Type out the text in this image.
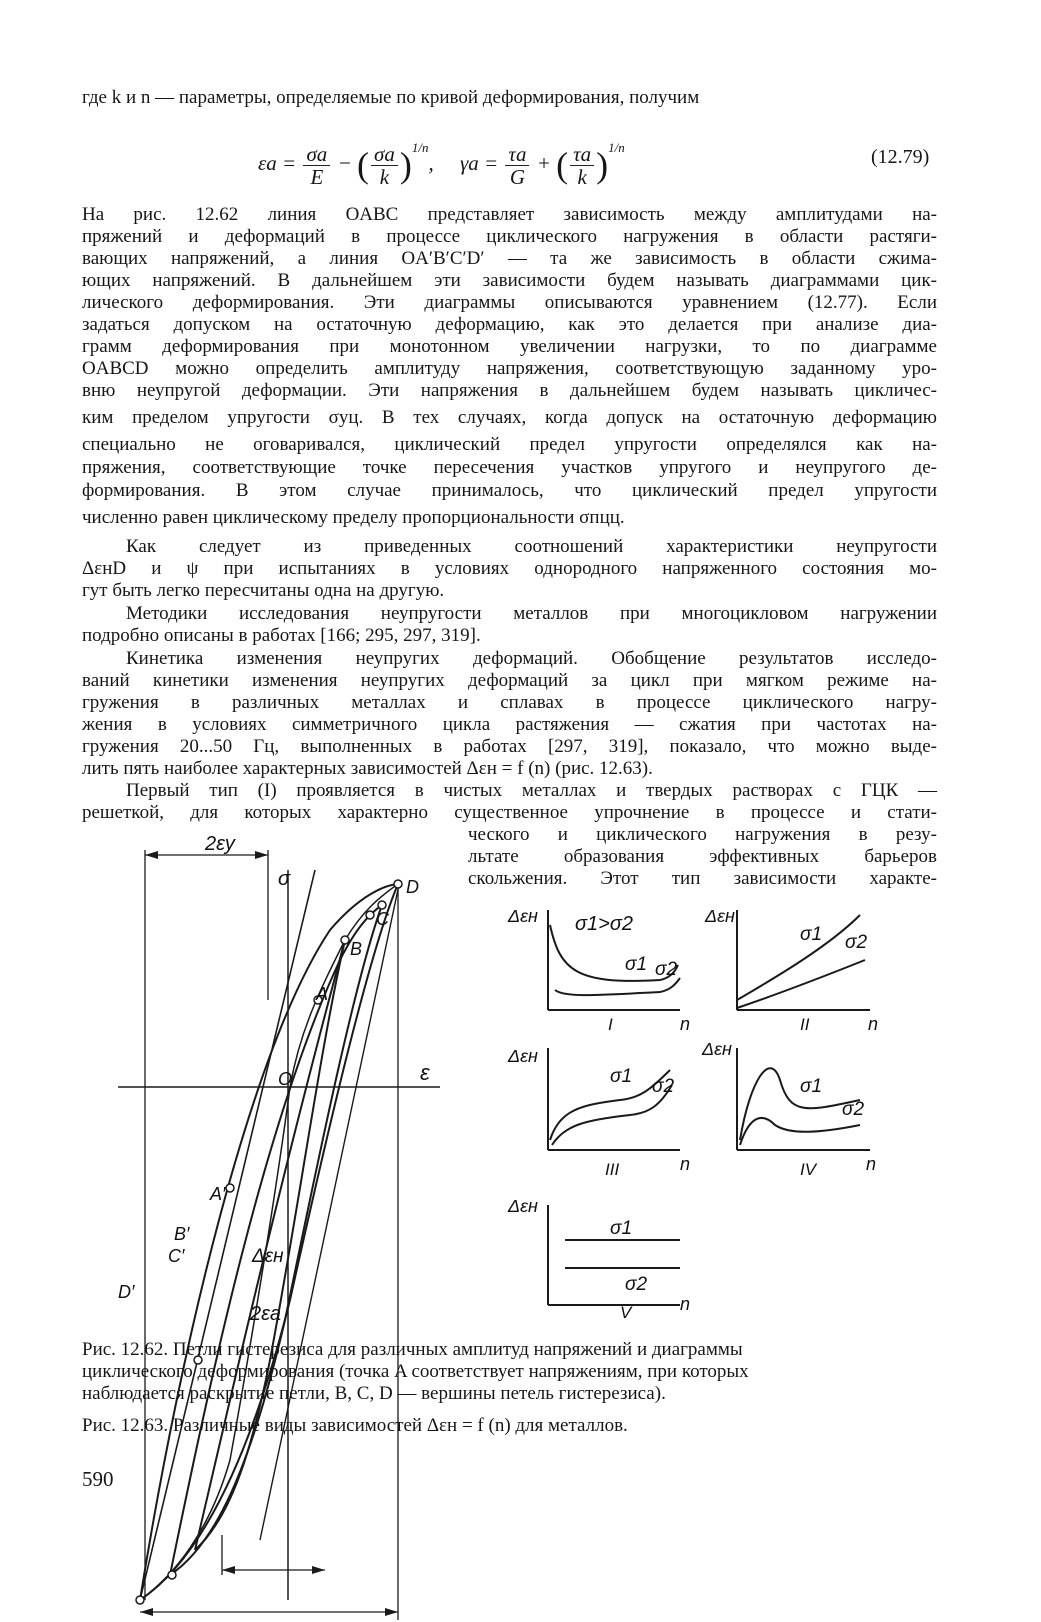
где k и n — параметры, определяемые по кривой деформирования, получим
$\varepsilon a = \frac{\sigma a}{E}$ − ( $\frac{\sigma a}{k} )^{1/n}$, $\gamma a = \frac{\tau a}{G}$ + ( $\frac{\tau a}{k} )^{1/n}$	(12.79)
На рис. 12.62 линия OABC представляет зависимость между амплитудами на-
пряжений и деформаций в процессе циклического нагружения в области растяги-
вающих напряжений, а линия OA′B′C′D′ — та же зависимость в области сжима-
ющих напряжений. В дальнейшем эти зависимости будем называть диаграммами цик-
лического деформирования. Эти диаграммы описываются уравнением (12.77). Если
задаться допуском на остаточную деформацию, как это делается при анализе диа-
грамм деформирования при монотонном увеличении нагрузки, то по диаграмме
OABCD можно определить амплитуду напряжения, соответствующую заданному уро-
вню неупругой деформации. Эти напряжения в дальнейшем будем называть цикличес-
ким пределом упругости σуц. В тех случаях, когда допуск на остаточную деформацию
специально не оговаривался, циклический предел упругости определялся как на-
пряжения, соответствующие точке пересечения участков упругого и неупругого де-
формирования. В этом случае принималось, что циклический предел упругости
численно равен циклическому пределу пропорциональности σпцц.
Как следует из приведенных соотношений характеристики неупругости
ΔεнD и ψ при испытаниях в условиях однородного напряженного состояния мо-
гут быть легко пересчитаны одна на другую.
Методики исследования неупругости металлов при многоцикловом нагружении
подробно описаны в работах [166; 295, 297, 319].
Кинетика изменения неупругих деформаций. Обобщение результатов исследо-
ваний кинетики изменения неупругих деформаций за цикл при мягком режиме на-
гружения в различных металлах и сплавах в процессе циклического нагру-
жения в условиях симметричного цикла растяжения — сжатия при частотах на-
гружения 20...50 Гц, выполненных в работах [297, 319], показало, что можно выде-
лить пять наиболее характерных зависимостей Δεн = f (n) (рис. 12.63).
Первый тип (I) проявляется в чистых металлах и твердых растворах с ГЦК —
решеткой, для которых характерно существенное упрочнение в процессе и стати-
ческого и циклического нагружения в резу-
льтате образования эффективных барьеров
скольжения. Этот тип зависимости характе-
2εy
σ
ε
O
A
B
C
D
A′
B′
C′
D′
Δεн
2εa
Δεн σ1>σ2
σ1 σ2
I	n
Δεн
σ1 σ2
II	n
Δεн
σ1 σ2
III	n
Δεн
σ1
σ2
IV	n
Δεн
σ1
σ2
V	n
Рис. 12.62. Петли гистерезиса для различных амплитуд напряжений и диаграммы
циклического деформирования (точка A соответствует напряжениям, при которых
наблюдается раскрытие петли, B, C, D — вершины петель гистерезиса).
Рис. 12.63. Различные виды зависимостей Δεн = f (n) для металлов.
590
